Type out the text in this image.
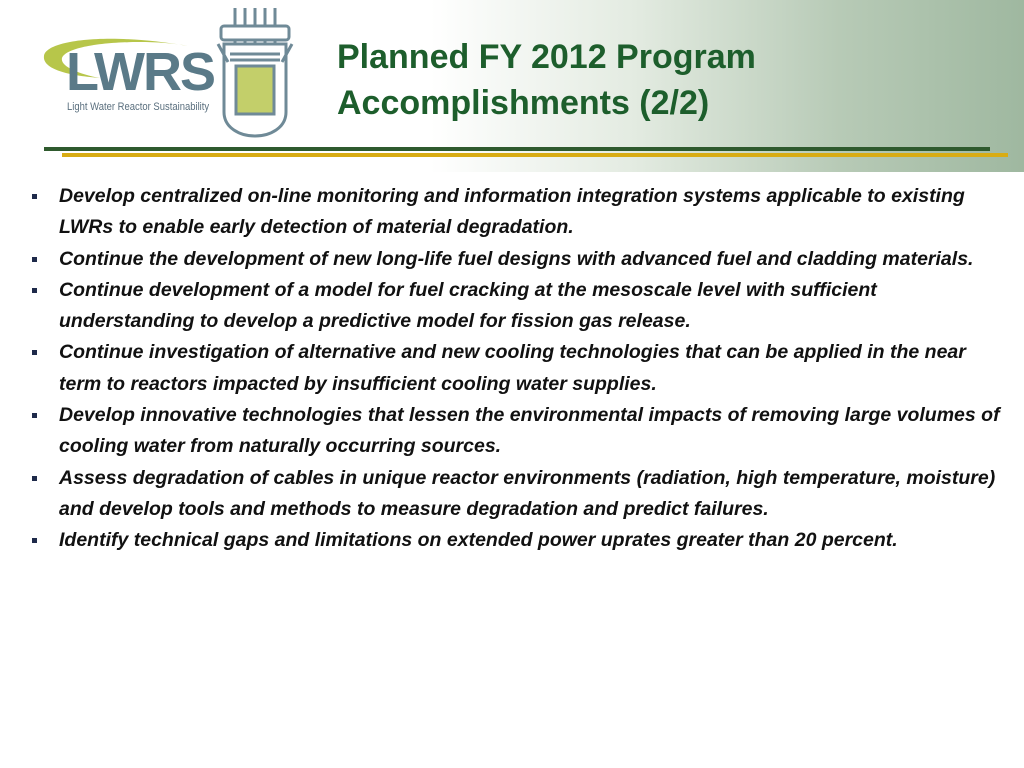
LWRS
Light Water Reactor Sustainability
Planned FY 2012 Program
Accomplishments (2/2)
Develop centralized on-line monitoring and information integration systems applicable to existing LWRs to enable early detection of material degradation.
Continue the development of new long-life fuel designs with advanced fuel and cladding materials.
Continue development of a model for fuel cracking at the mesoscale level with sufficient understanding to develop a predictive model for fission gas release.
Continue investigation of alternative and new cooling technologies that can be applied in the near term to reactors impacted by insufficient cooling water supplies.
Develop innovative technologies that lessen the environmental impacts of removing large volumes of cooling water from naturally occurring sources.
Assess degradation of cables in unique reactor environments (radiation, high temperature, moisture) and develop tools and methods to measure degradation and predict failures.
Identify technical gaps and limitations on extended power uprates greater than 20 percent.
